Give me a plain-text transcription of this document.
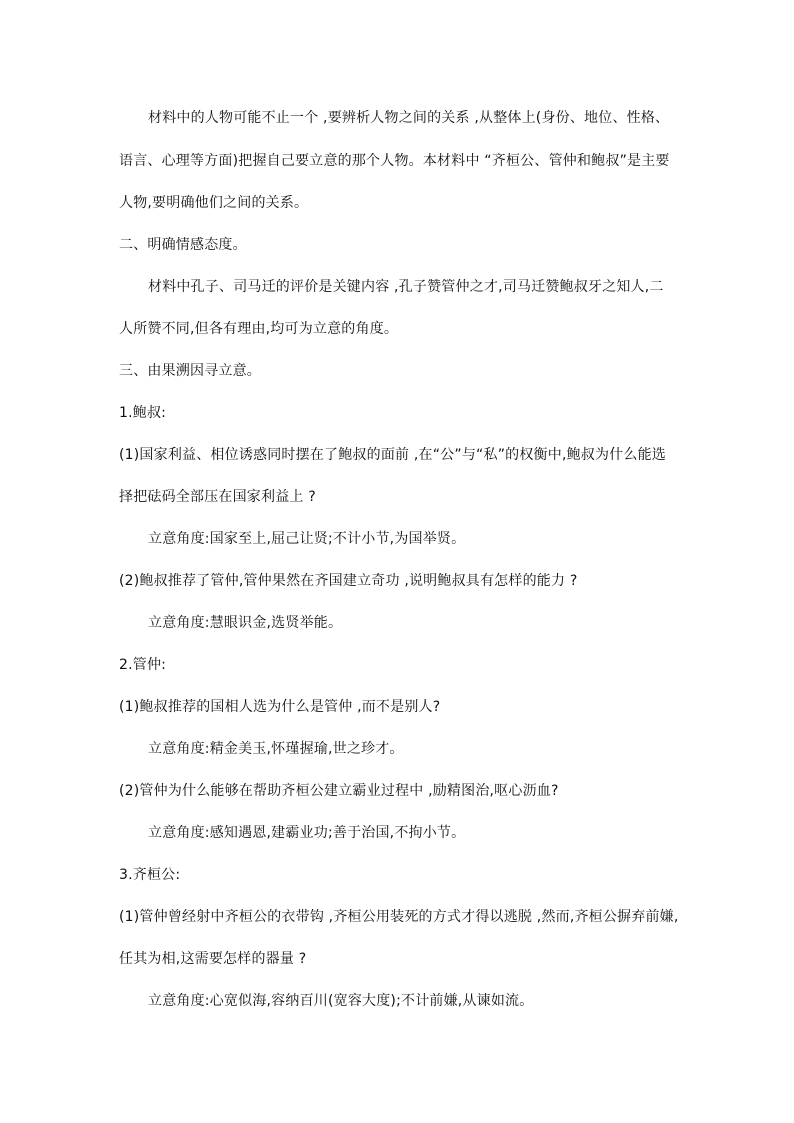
材料中的人物可能不止一个 ,要辨析人物之间的关系 ,从整体上(身份、地位、性格、
语言、心理等方面)把握自己要立意的那个人物。本材料中 “齐桓公、管仲和鲍叔”是主要
人物,要明确他们之间的关系。
二、明确情感态度。
材料中孔子、司马迁的评价是关键内容 ,孔子赞管仲之才,司马迁赞鲍叔牙之知人,二
人所赞不同,但各有理由,均可为立意的角度。
三、由果溯因寻立意。
1.鲍叔:
(1)国家利益、相位诱惑同时摆在了鲍叔的面前 ,在“公”与“私”的权衡中,鲍叔为什么能选
择把砝码全部压在国家利益上 ?
立意角度:国家至上,屈己让贤;不计小节,为国举贤。
(2)鲍叔推荐了管仲,管仲果然在齐国建立奇功 ,说明鲍叔具有怎样的能力 ?
立意角度:慧眼识金,选贤举能。
2.管仲:
(1)鲍叔推荐的国相人选为什么是管仲 ,而不是别人?
立意角度:精金美玉,怀瑾握瑜,世之珍才。
(2)管仲为什么能够在帮助齐桓公建立霸业过程中 ,励精图治,呕心沥血?
立意角度:感知遇恩,建霸业功;善于治国,不拘小节。
3.齐桓公:
(1)管仲曾经射中齐桓公的衣带钩 ,齐桓公用装死的方式才得以逃脱 ,然而,齐桓公摒弃前嫌,
任其为相,这需要怎样的器量 ?
立意角度:心宽似海,容纳百川(宽容大度);不计前嫌,从谏如流。
